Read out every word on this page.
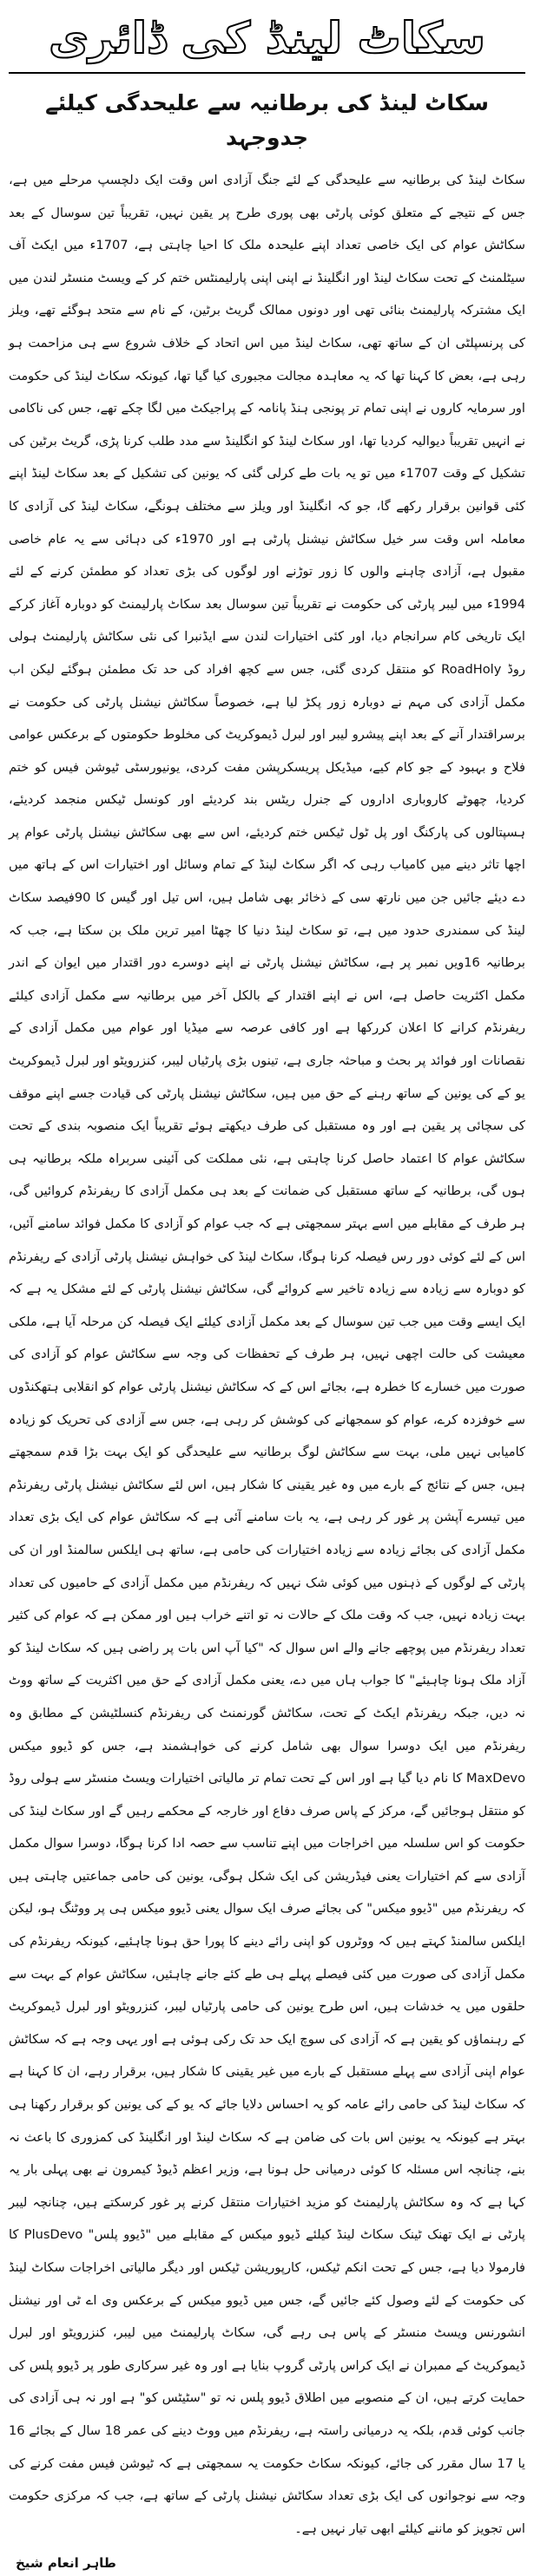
سکاٹ لینڈ کی ڈائری
سکاٹ لینڈ کی برطانیہ سے علیحدگی کیلئے جدوجہد

سکاٹ لینڈ کی برطانیہ سے علیحدگی کے لئے جنگ آزادی اس وقت ایک دلچسپ مرحلے میں ہے، جس کے نتیجے کے متعلق کوئی پارٹی بھی پوری طرح پر یقین نہیں، تقریباً تین سوسال کے بعد سکاٹش عوام کی ایک خاصی تعداد اپنے علیحدہ ملک کا احیا چاہتی ہے، 1707ء میں ایکٹ آف سیٹلمنٹ کے تحت سکاٹ لینڈ اور انگلینڈ نے اپنی اپنی پارلیمنٹس ختم کر کے ویسٹ منسٹر لندن میں ایک مشترکہ پارلیمنٹ بنائی تھی اور دونوں ممالک گریٹ برٹین، کے نام سے متحد ہوگئے تھے، ویلز کی پرنسپلٹی ان کے ساتھ تھی، سکاٹ لینڈ میں اس اتحاد کے خلاف شروع سے ہی مزاحمت ہو رہی ہے، بعض کا کہنا تھا کہ یہ معاہدہ مجالت مجبوری کیا گیا تھا، کیونکہ سکاٹ لینڈ کی حکومت اور سرمایہ کاروں نے اپنی تمام تر پونجی ہنڈ پانامہ کے پراجیکٹ میں لگا چکے تھے، جس کی ناکامی نے انہیں تقریباً دیوالیہ کردیا تھا، اور سکاٹ لینڈ کو انگلینڈ سے مدد طلب کرنا پڑی، گریٹ برٹین کی تشکیل کے وقت 1707ء میں تو یہ بات طے کرلی گئی کہ یونین کی تشکیل کے بعد سکاٹ لینڈ اپنے کئی قوانین برقرار رکھے گا، جو کہ انگلینڈ اور ویلز سے مختلف ہونگے، سکاٹ لینڈ کی آزادی کا معاملہ اس وقت سر خیل سکاٹش نیشنل پارٹی ہے اور 1970ء کی دہائی سے یہ عام خاصی مقبول ہے، آزادی چاہنے والوں کا زور توڑنے اور لوگوں کی بڑی تعداد کو مطمئن کرنے کے لئے 1994ء میں لیبر پارٹی کی حکومت نے تقریباً تین سوسال بعد سکاٹ پارلیمنٹ کو دوبارہ آغاز کرکے ایک تاریخی کام سرانجام دیا، اور کئی اختیارات لندن سے ایڈنبرا کی نئی سکاٹش پارلیمنٹ ہولی روڈ RoadHoly کو منتقل کردی گئی، جس سے کچھ افراد کی حد تک مطمئن ہوگئے لیکن اب مکمل آزادی کی مہم نے دوبارہ زور پکڑ لیا ہے، خصوصاً سکاٹش نیشنل پارٹی کی حکومت نے برسراقتدار آنے کے بعد اپنے پیشرو لیبر اور لبرل ڈیموکریٹ کی مخلوط حکومتوں کے برعکس عوامی فلاح و بہبود کے جو کام کیے، میڈیکل پریسکرپشن مفت کردی، یونیورسٹی ٹیوشن فیس کو ختم کردیا، چھوٹے کاروباری اداروں کے جنرل ریٹس بند کردیئے اور کونسل ٹیکس منجمد کردیئے، ہسپتالوں کی پارکنگ اور پل ٹول ٹیکس ختم کردیئے، اس سے بھی سکاٹش نیشنل پارٹی عوام پر اچھا تاثر دینے میں کامیاب رہی کہ اگر سکاٹ لینڈ کے تمام وسائل اور اختیارات اس کے ہاتھ میں دے دیئے جائیں جن میں نارتھ سی کے ذخائر بھی شامل ہیں، اس تیل اور گیس کا 90فیصد سکاٹ لینڈ کی سمندری حدود میں ہے، تو سکاٹ لینڈ دنیا کا چھٹا امیر ترین ملک بن سکتا ہے، جب کہ برطانیہ 16ویں نمبر پر ہے، سکاٹش نیشنل پارٹی نے اپنے دوسرے دور اقتدار میں ایوان کے اندر مکمل اکثریت حاصل ہے، اس نے اپنے اقتدار کے بالکل آخر میں برطانیہ سے مکمل آزادی کیلئے ریفرنڈم کرانے کا اعلان کررکھا ہے اور کافی عرصہ سے میڈیا اور عوام میں مکمل آزادی کے نقصانات اور فوائد پر بحث و مباحثہ جاری ہے، تینوں بڑی پارٹیاں لیبر، کنزرویٹو اور لبرل ڈیموکریٹ یو کے کی یونین کے ساتھ رہنے کے حق میں ہیں، سکاٹش نیشنل پارٹی کی قیادت جسے اپنے موقف کی سچائی پر یقین ہے اور وہ مستقبل کی طرف دیکھتے ہوئے تقریباً ایک منصوبہ بندی کے تحت سکاٹش عوام کا اعتماد حاصل کرنا چاہتی ہے، نئی مملکت کی آئینی سربراہ ملکہ برطانیہ ہی ہوں گی، برطانیہ کے ساتھ مستقبل کی ضمانت کے بعد ہی مکمل آزادی کا ریفرنڈم کروائیں گی، ہر طرف کے مقابلے میں اسے بہتر سمجھتی ہے کہ جب عوام کو آزادی کا مکمل فوائد سامنے آئیں، اس کے لئے کوئی دور رس فیصلہ کرنا ہوگا، سکاٹ لینڈ کی خواہش نیشنل پارٹی آزادی کے ریفرنڈم کو دوبارہ سے زیادہ سے زیادہ تاخیر سے کروائے گی، سکاٹش نیشنل پارٹی کے لئے مشکل یہ ہے کہ ایک ایسے وقت میں جب تین سوسال کے بعد مکمل آزادی کیلئے ایک فیصلہ کن مرحلہ آیا ہے، ملکی معیشت کی حالت اچھی نہیں، ہر طرف کے تحفظات کی وجہ سے سکاٹش عوام کو آزادی کی صورت میں خسارے کا خطرہ ہے، بجائے اس کے کہ سکاٹش نیشنل پارٹی عوام کو انقلابی ہتھکنڈوں سے خوفزدہ کرے، عوام کو سمجھانے کی کوشش کر رہی ہے، جس سے آزادی کی تحریک کو زیادہ کامیابی نہیں ملی، بہت سے سکاٹش لوگ برطانیہ سے علیحدگی کو ایک بہت بڑا قدم سمجھتے ہیں، جس کے نتائج کے بارے میں وہ غیر یقینی کا شکار ہیں، اس لئے سکاٹش نیشنل پارٹی ریفرنڈم میں تیسرے آپشن پر غور کر رہی ہے، یہ بات سامنے آئی ہے کہ سکاٹش عوام کی ایک بڑی تعداد مکمل آزادی کی بجائے زیادہ سے زیادہ اختیارات کی حامی ہے، ساتھ ہی ایلکس سالمنڈ اور ان کی پارٹی کے لوگوں کے ذہنوں میں کوئی شک نہیں کہ ریفرنڈم میں مکمل آزادی کے حامیوں کی تعداد بہت زیادہ نہیں، جب کہ وقت ملک کے حالات نہ تو اتنے خراب ہیں اور ممکن ہے کہ عوام کی کثیر تعداد ریفرنڈم میں پوچھے جانے والے اس سوال کہ "کیا آپ اس بات پر راضی ہیں کہ سکاٹ لینڈ کو آزاد ملک ہونا چاہیئے" کا جواب ہاں میں دے، یعنی مکمل آزادی کے حق میں اکثریت کے ساتھ ووٹ نہ دیں، جبکہ ریفرنڈم ایکٹ کے تحت، سکاٹش گورنمنٹ کی ریفرنڈم کنسلٹیشن کے مطابق وہ ریفرنڈم میں ایک دوسرا سوال بھی شامل کرنے کی خواہشمند ہے، جس کو ڈیوو میکس MaxDevo کا نام دیا گیا ہے اور اس کے تحت تمام تر مالیاتی اختیارات ویسٹ منسٹر سے ہولی روڈ کو منتقل ہوجائیں گے، مرکز کے پاس صرف دفاع اور خارجہ کے محکمے رہیں گے اور سکاٹ لینڈ کی حکومت کو اس سلسلہ میں اخراجات میں اپنے تناسب سے حصہ ادا کرنا ہوگا، دوسرا سوال مکمل آزادی سے کم اختیارات یعنی فیڈریشن کی ایک شکل ہوگی، یونین کی حامی جماعتیں چاہتی ہیں کہ ریفرنڈم میں "ڈیوو میکس" کی بجائے صرف ایک سوال یعنی ڈیوو میکس ہی پر ووٹنگ ہو، لیکن ایلکس سالمنڈ کہتے ہیں کہ ووٹروں کو اپنی رائے دینے کا پورا حق ہونا چاہئیے، کیونکہ ریفرنڈم کی مکمل آزادی کی صورت میں کئی فیصلے پہلے ہی طے کئے جانے چاہئیں، سکاٹش عوام کے بہت سے حلقوں میں یہ خدشات ہیں، اس طرح یونین کی حامی پارٹیاں لیبر، کنزرویٹو اور لبرل ڈیموکریٹ کے رہنماؤں کو یقین ہے کہ آزادی کی سوچ ایک حد تک رکی ہوئی ہے اور یہی وجہ ہے کہ سکاٹش عوام اپنی آزادی سے پہلے مستقبل کے بارے میں غیر یقینی کا شکار ہیں، برقرار رہے، ان کا کہنا ہے کہ سکاٹ لینڈ کی حامی رائے عامہ کو یہ احساس دلایا جائے کہ یو کے کی یونین کو برقرار رکھنا ہی بہتر ہے کیونکہ یہ یونین اس بات کی ضامن ہے کہ سکاٹ لینڈ اور انگلینڈ کی کمزوری کا باعث نہ بنے، چنانچہ اس مسئلہ کا کوئی درمیانی حل ہونا ہے، وزیر اعظم ڈیوڈ کیمرون نے بھی پہلی بار یہ کہا ہے کہ وہ سکاٹش پارلیمنٹ کو مزید اختیارات منتقل کرنے پر غور کرسکتے ہیں، چنانچہ لیبر پارٹی نے ایک تھنک ٹینک سکاٹ لینڈ کیلئے ڈیوو میکس کے مقابلے میں "ڈیوو پلس" PlusDevo کا فارمولا دیا ہے، جس کے تحت انکم ٹیکس، کارپوریشن ٹیکس اور دیگر مالیاتی اخراجات سکاٹ لینڈ کی حکومت کے لئے وصول کئے جائیں گے، جس میں ڈیوو میکس کے برعکس وی اے ٹی اور نیشنل انشورنس ویسٹ منسٹر کے پاس ہی رہے گی، سکاٹ پارلیمنٹ میں لیبر، کنزرویٹو اور لبرل ڈیموکریٹ کے ممبران نے ایک کراس پارٹی گروپ بنایا ہے اور وہ غیر سرکاری طور پر ڈیوو پلس کی حمایت کرتے ہیں، ان کے منصوبے میں اطلاق ڈیوو پلس نہ تو "سٹیٹس کو" ہے اور نہ ہی آزادی کی جانب کوئی قدم، بلکہ یہ درمیانی راستہ ہے، ریفرنڈم میں ووٹ دینے کی عمر 18 سال کے بجائے 16 یا 17 سال مقرر کی جائے، کیونکہ سکاٹ حکومت یہ سمجھتی ہے کہ ٹیوشن فیس مفت کرنے کی وجہ سے نوجوانوں کی ایک بڑی تعداد سکاٹش نیشنل پارٹی کے ساتھ ہے، جب کہ مرکزی حکومت اس تجویز کو ماننے کیلئے ابھی تیار نہیں ہے۔

طاہر انعام شیخ
